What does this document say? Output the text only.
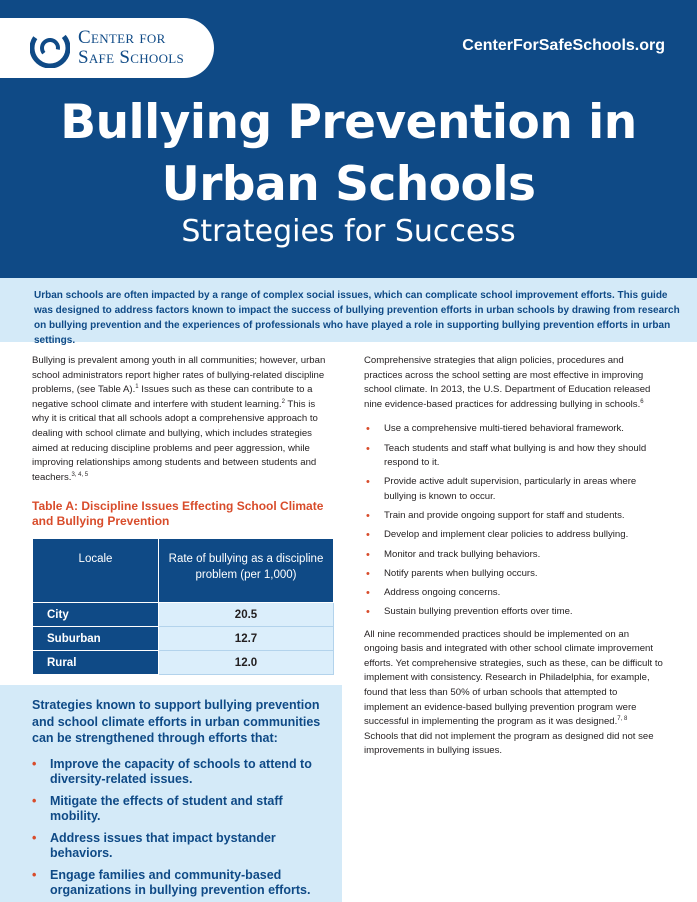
Center for
Safe Schools
CenterForSafeSchools.org
Bullying Prevention in
Urban Schools
Strategies for Success
Urban schools are often impacted by a range of complex social issues, which can complicate school improvement efforts. This guide was designed to address factors known to impact the success of bullying prevention efforts in urban schools by drawing from research on bullying prevention and the experiences of professionals who have played a role in supporting bullying prevention efforts in urban settings.

Bullying is prevalent among youth in all communities; however, urban school administrators report higher rates of bullying-related discipline problems, (see Table A).$^1$ Issues such as these can contribute to a negative school climate and interfere with student learning.$^2$ This is why it is critical that all schools adopt a comprehensive approach to dealing with school climate and bullying, which includes strategies aimed at reducing discipline problems and peer aggression, while improving relationships among students and between students and teachers.$^{3, 4, 5}$

Table A: Discipline Issues Effecting School Climate and Bullying Prevention
Locale	Rate of bullying as a discipline problem (per 1,000)
City	20.5
Suburban	12.7
Rural	12.0

Strategies known to support bullying prevention and school climate efforts in urban communities can be strengthened through efforts that:

• Improve the capacity of schools to attend to diversity-related issues.
• Mitigate the effects of student and staff mobility.
• Address issues that impact bystander behaviors.
• Engage families and community-based organizations in bullying prevention efforts.

Comprehensive strategies that align policies, procedures and practices across the school setting are most effective in improving school climate. In 2013, the U.S. Department of Education released nine evidence-based practices for addressing bullying in schools.$^6$

• Use a comprehensive multi-tiered behavioral framework.
• Teach students and staff what bullying is and how they should respond to it.
• Provide active adult supervision, particularly in areas where bullying is known to occur.
• Train and provide ongoing support for staff and students.
• Develop and implement clear policies to address bullying.
• Monitor and track bullying behaviors.
• Notify parents when bullying occurs.
• Address ongoing concerns.
• Sustain bullying prevention efforts over time.

All nine recommended practices should be implemented on an ongoing basis and integrated with other school climate improvement efforts. Yet comprehensive strategies, such as these, can be difficult to implement with consistency. Research in Philadelphia, for example, found that less than 50% of urban schools that attempted to implement an evidence-based bullying prevention program were successful in implementing the program as it was designed.$^{7, 8}$ Schools that did not implement the program as designed did not see improvements in bullying issues.
